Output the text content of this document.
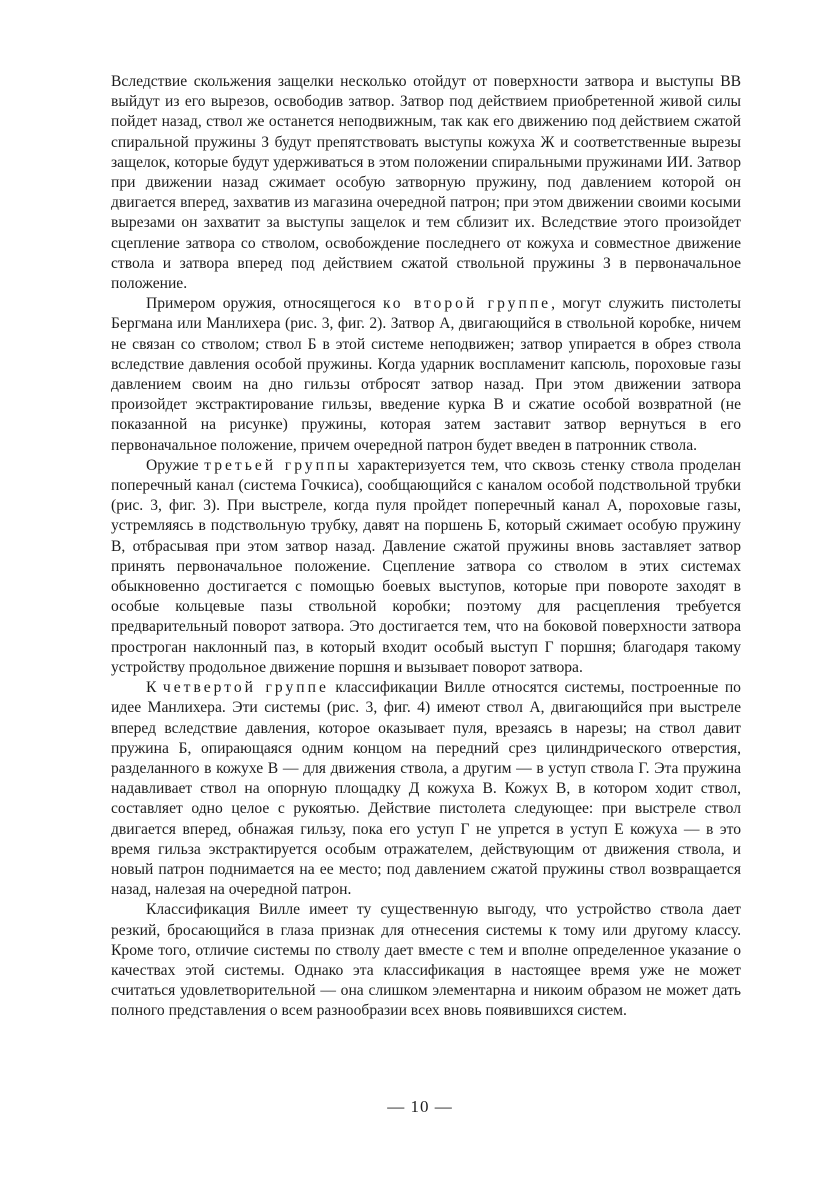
Вследствие скольжения защелки несколько отойдут от поверхности затвора и выступы ВВ выйдут из его вырезов, освободив затвор. Затвор под действием приобретенной живой силы пойдет назад, ствол же останется неподвижным, так как его движению под действием сжатой спиральной пружины З будут препятствовать выступы кожуха Ж и соответственные вырезы защелок, которые будут удерживаться в этом положении спиральными пружинами ИИ. Затвор при движении назад сжимает особую затворную пружину, под давлением которой он двигается вперед, захватив из магазина очередной патрон; при этом движении своими косыми вырезами он захватит за выступы защелок и тем сблизит их. Вследствие этого произойдет сцепление затвора со стволом, освобождение последнего от кожуха и совместное движение ствола и затвора вперед под действием сжатой ствольной пружины З в первоначальное положение.

Примером оружия, относящегося ко второй группе, могут служить пистолеты Бергмана или Манлихера (рис. 3, фиг. 2). Затвор А, двигающийся в ствольной коробке, ничем не связан со стволом; ствол Б в этой системе неподвижен; затвор упирается в обрез ствола вследствие давления особой пружины. Когда ударник воспламенит капсюль, пороховые газы давлением своим на дно гильзы отбросят затвор назад. При этом движении затвора произойдет экстрактирование гильзы, введение курка В и сжатие особой возвратной (не показанной на рисунке) пружины, которая затем заставит затвор вернуться в его первоначальное положение, причем очередной патрон будет введен в патронник ствола.

Оружие третьей группы характеризуется тем, что сквозь стенку ствола проделан поперечный канал (система Гочкиса), сообщающийся с каналом особой подствольной трубки (рис. 3, фиг. 3). При выстреле, когда пуля пройдет поперечный канал А, пороховые газы, устремляясь в подствольную трубку, давят на поршень Б, который сжимает особую пружину В, отбрасывая при этом затвор назад. Давление сжатой пружины вновь заставляет затвор принять первоначальное положение. Сцепление затвора со стволом в этих системах обыкновенно достигается с помощью боевых выступов, которые при повороте заходят в особые кольцевые пазы ствольной коробки; поэтому для расцепления требуется предварительный поворот затвора. Это достигается тем, что на боковой поверхности затвора простроган наклонный паз, в который входит особый выступ Г поршня; благодаря такому устройству продольное движение поршня и вызывает поворот затвора.

К четвертой группе классификации Вилле относятся системы, построенные по идее Манлихера. Эти системы (рис. 3, фиг. 4) имеют ствол А, двигающийся при выстреле вперед вследствие давления, которое оказывает пуля, врезаясь в нарезы; на ствол давит пружина Б, опирающаяся одним концом на передний срез цилиндрического отверстия, разделанного в кожухе В — для движения ствола, а другим — в уступ ствола Г. Эта пружина надавливает ствол на опорную площадку Д кожуха В. Кожух В, в котором ходит ствол, составляет одно целое с рукоятью. Действие пистолета следующее: при выстреле ствол двигается вперед, обнажая гильзу, пока его уступ Г не упрется в уступ Е кожуха — в это время гильза экстрактируется особым отражателем, действующим от движения ствола, и новый патрон поднимается на ее место; под давлением сжатой пружины ствол возвращается назад, налезая на очередной патрон.

Классификация Вилле имеет ту существенную выгоду, что устройство ствола дает резкий, бросающийся в глаза признак для отнесения системы к тому или другому классу. Кроме того, отличие системы по стволу дает вместе с тем и вполне определенное указание о качествах этой системы. Однако эта классификация в настоящее время уже не может считаться удовлетворительной — она слишком элементарна и никоим образом не может дать полного представления о всем разнообразии всех вновь появившихся систем.

— 10 —
